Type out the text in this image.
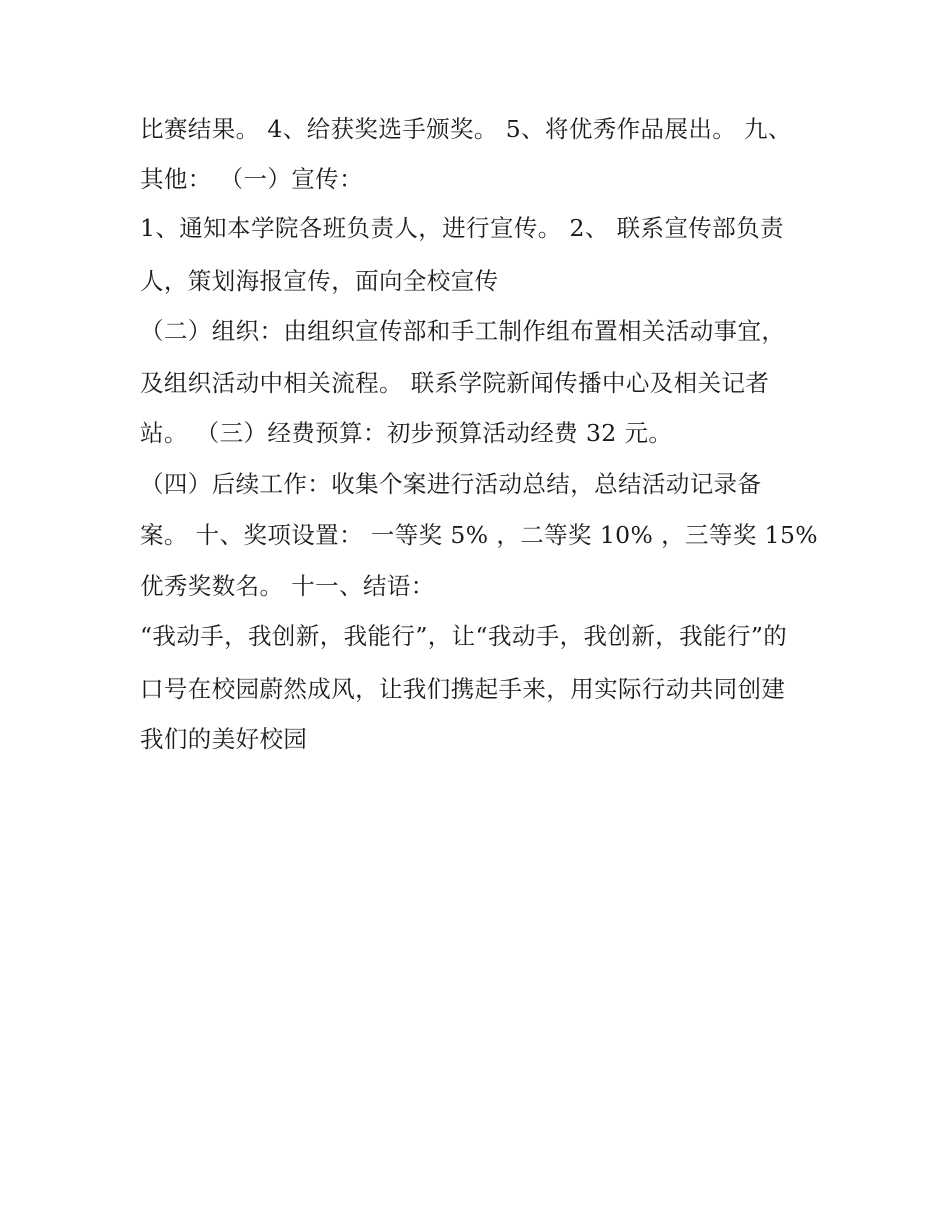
比赛结果。 4、给获奖选手颁奖。 5、将优秀作品展出。 九、

其他： （一）宣传：

1、通知本学院各班负责人，进行宣传。 2、 联系宣传部负责

人，策划海报宣传，面向全校宣传

（二）组织：由组织宣传部和手工制作组布置相关活动事宜，

及组织活动中相关流程。 联系学院新闻传播中心及相关记者

站。 （三）经费预算：初步预算活动经费 32 元。

（四）后续工作：收集个案进行活动总结，总结活动记录备

案。 十、奖项设置： 一等奖 5% ，二等奖 10% ，三等奖 15%

优秀奖数名。 十一、结语：

“我动手，我创新，我能行”，让“我动手，我创新，我能行”的

口号在校园蔚然成风，让我们携起手来，用实际行动共同创建

我们的美好校园
